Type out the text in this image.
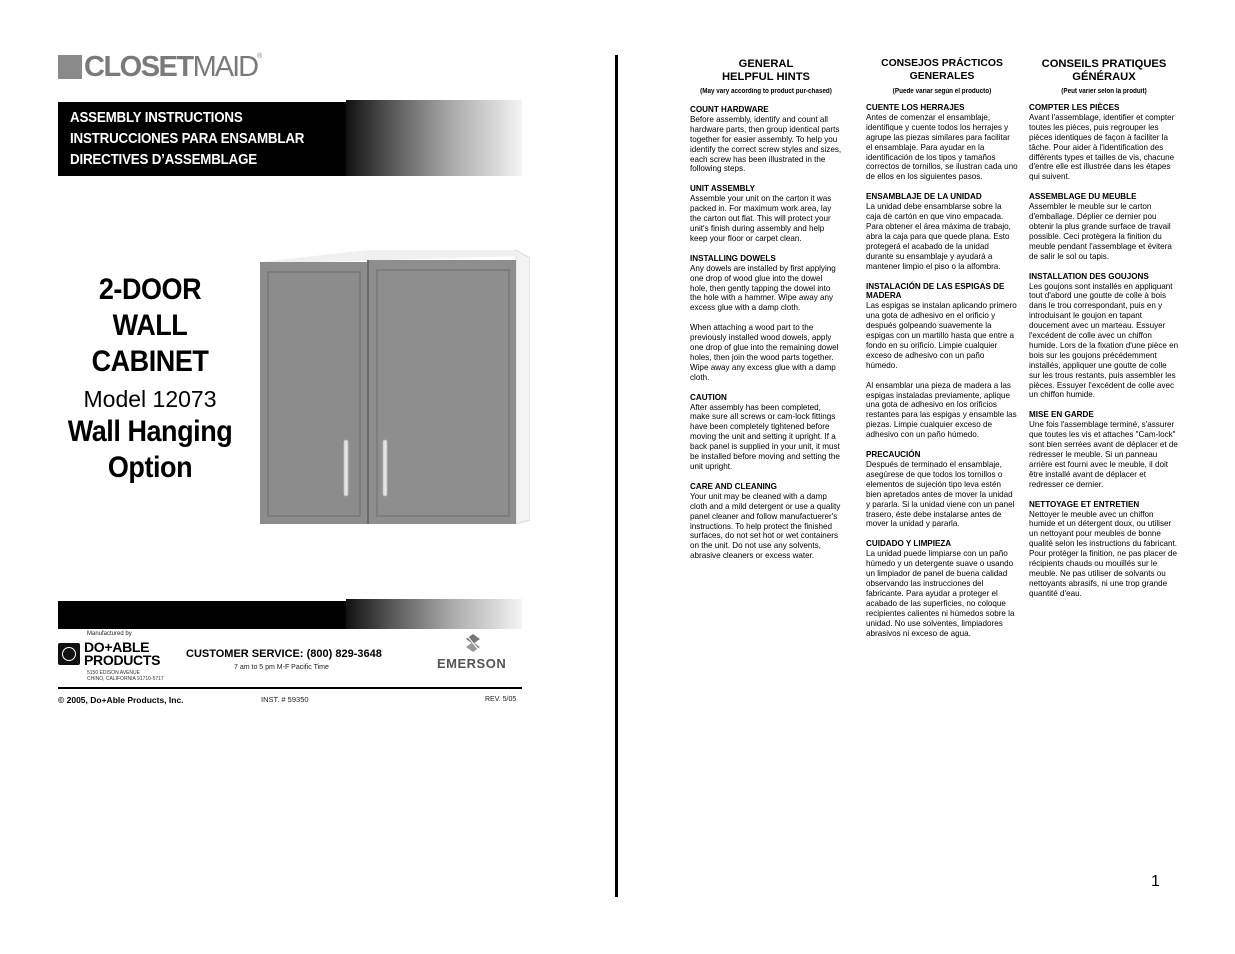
CLOSETMAID®
ASSEMBLY INSTRUCTIONS
INSTRUCCIONES PARA ENSAMBLAR
DIRECTIVES D’ASSEMBLAGE
2-DOOR WALL
CABINET
Model 12073
Wall Hanging
Option
Manufactured by
DO+ABLE
PRODUCTS
5150 EDISON AVENUE
CHINO, CALIFORNIA 91710-5717
CUSTOMER SERVICE: (800) 829-3648
7 am to 5 pm M-F Pacific Time	EMERSON
© 2005, Do+Able Products, Inc.	INST. # 59350	REV. 5/05
GENERAL
HELPFUL HINTS
(May vary according to product pur-chased)
COUNT HARDWARE

Before assembly, identify and count all hardware parts, then group identical parts together for easier assembly. To help you identify the correct screw styles and sizes, each screw has been illustrated in the following steps.

UNIT ASSEMBLY

Assemble your unit on the carton it was packed in. For maximum work area, lay the carton out flat. This will protect your unit's finish during assembly and help keep your floor or carpet clean.

INSTALLING DOWELS

Any dowels are installed by first applying one drop of wood glue into the dowel hole, then gently tapping the dowel into the hole with a hammer. Wipe away any excess glue with a damp cloth.

When attaching a wood part to the previously installed wood dowels, apply one drop of glue into the remaining dowel holes, then join the wood parts together. Wipe away any excess glue with a damp cloth.

CAUTION

After assembly has been completed, make sure all screws or cam-lock fittings have been completely tightened before moving the unit and setting it upright. If a back panel is supplied in your unit, it must be installed before moving and setting the unit upright.

CARE AND CLEANING

Your unit may be cleaned with a damp cloth and a mild detergent or use a quality panel cleaner and follow manufactuerer's instructions. To help protect the finished surfaces, do not set hot or wet containers on the unit. Do not use any solvents, abrasive cleaners or excess water.

CONSEJOS PRÁCTICOS
GENERALES
(Puede variar según el producto)
CUENTE LOS HERRAJES

Antes de comenzar el ensamblaje, identifique y cuente todos los herrajes y agrupe las piezas similares para facilitar el ensamblaje. Para ayudar en la identificación de los tipos y tamaños correctos de tornillos, se ilustran cada uno de ellos en los siguientes pasos.

ENSAMBLAJE DE LA UNIDAD

La unidad debe ensamblarse sobre la caja de cartón en que vino empacada. Para obtener el área máxima de trabajo, abra la caja para que quede plana. Esto protegerá el acabado de la unidad durante su ensamblaje y ayudará a mantener limpio el piso o la alfombra.

INSTALACIÓN DE LAS ESPIGAS DE MADERA

Las espigas se instalan aplicando primero una gota de adhesivo en el orificio y después golpeando suavemente la espigas con un martillo hasta que entre a fondo en su orificio. Limpie cualquier exceso de adhesivo con un paño húmedo.

Al ensamblar una pieza de madera a las espigas instaladas previamente, aplique una gota de adhesivo en los orificios restantes para las espigas y ensamble las piezas. Limpie cualquier exceso de adhesivo con un paño húmedo.

PRECAUCIÓN

Después de terminado el ensamblaje, asegúrese de que todos los tornillos o elementos de sujeción tipo leva estén bien apretados antes de mover la unidad y pararla. Si la unidad viene con un panel trasero, éste debe instalarse antes de mover la unidad y pararla.

CUIDADO Y LIMPIEZA

La unidad puede limpiarse con un paño húmedo y un detergente suave o usando un limpiador de panel de buena calidad observando las instrucciones del fabricante. Para ayudar a proteger el acabado de las superficies, no coloque recipientes calientes ni húmedos sobre la unidad. No use solventes, limpiadores abrasivos ni exceso de agua.

CONSEILS PRATIQUES
GÉNÉRAUX
(Peut varier selon la produit)
COMPTER LES PIÈCES

Avant l'assemblage, identifier et compter toutes les pièces, puis regrouper les pièces identiques de façon à faciliter la tâche. Pour aider à l'identification des différents types et tailles de vis, chacune d'entre elle est illustrée dans les étapes qui suivent.

ASSEMBLAGE DU MEUBLE

Assembler le meuble sur le carton d'emballage. Déplier ce dernier pou obtenir la plus grande surface de travail possible. Ceci protègera la finition du meuble pendant l'assemblage et évitera de salir le sol ou tapis.

INSTALLATION DES GOUJONS

Les goujons sont installés en appliquant tout d'abord une goutte de colle à bois dans le trou correspondant, puis en y introduisant le goujon en tapant doucement avec un marteau. Essuyer l'excédent de colle avec un chiffon humide. Lors de la fixation d'une pièce en bois sur les goujons précédemment installés, appliquer une goutte de colle sur les trous restants, puis assembler les pièces. Essuyer l'excédent de colle avec un chiffon humide.

MISE EN GARDE

Une fois l'assemblage terminé, s'assurer que toutes les vis et attaches "Cam-lock" sont bien serrées avant de déplacer et de redresser le meuble. Si un panneau arrière est fourni avec le meuble, il doit être installé avant de déplacer et redresser ce dernier.

NETTOYAGE ET ENTRETIEN

Nettoyer le meuble avec un chiffon humide et un détergent doux, ou utiliser un nettoyant pour meubles de bonne qualité selon les instructions du fabricant. Pour protéger la finition, ne pas placer de récipients chauds ou mouillés sur le meuble. Ne pas utiliser de solvants ou nettoyants abrasifs, ni une trop grande quantité d'eau.

1
